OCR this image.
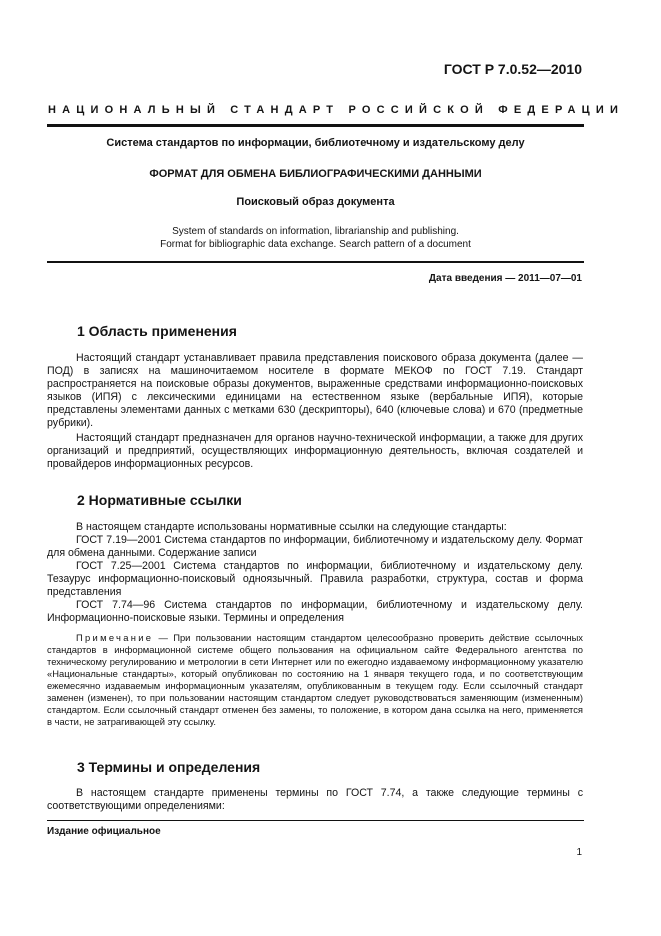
ГОСТ Р 7.0.52—2010
НАЦИОНАЛЬНЫЙ СТАНДАРТ РОССИЙСКОЙ ФЕДЕРАЦИИ
Система стандартов по информации, библиотечному и издательскому делу
ФОРМАТ ДЛЯ ОБМЕНА БИБЛИОГРАФИЧЕСКИМИ ДАННЫМИ
Поисковый образ документа
System of standards on information, librarianship and publishing.
Format for bibliographic data exchange. Search pattern of a document
Дата введения — 2011—07—01
1 Область применения

Настоящий стандарт устанавливает правила представления поискового образа документа (далее — ПОД) в записях на машиночитаемом носителе в формате МЕКОФ по ГОСТ 7.19. Стандарт распространяется на поисковые образы документов, выраженные средствами информационно-поисковых языков (ИПЯ) с лексическими единицами на естественном языке (вербальные ИПЯ), которые представлены элементами данных с метками 630 (дескрипторы), 640 (ключевые слова) и 670 (предметные рубрики).

Настоящий стандарт предназначен для органов научно-технической информации, а также для других организаций и предприятий, осуществляющих информационную деятельность, включая создателей и провайдеров информационных ресурсов.

2 Нормативные ссылки

В настоящем стандарте использованы нормативные ссылки на следующие стандарты:

ГОСТ 7.19—2001 Система стандартов по информации, библиотечному и издательскому делу. Формат для обмена данными. Содержание записи

ГОСТ 7.25—2001 Система стандартов по информации, библиотечному и издательскому делу. Тезаурус информационно-поисковый одноязычный. Правила разработки, структура, состав и форма представления

ГОСТ 7.74—96 Система стандартов по информации, библиотечному и издательскому делу. Информационно-поисковые языки. Термины и определения

Примечание — При пользовании настоящим стандартом целесообразно проверить действие ссылочных стандартов в информационной системе общего пользования на официальном сайте Федерального агентства по техническому регулированию и метрологии в сети Интернет или по ежегодно издаваемому информационному указателю «Национальные стандарты», который опубликован по состоянию на 1 января текущего года, и по соответствующим ежемесячно издаваемым информационным указателям, опубликованным в текущем году. Если ссылочный стандарт заменен (изменен), то при пользовании настоящим стандартом следует руководствоваться заменяющим (измененным) стандартом. Если ссылочный стандарт отменен без замены, то положение, в котором дана ссылка на него, применяется в части, не затрагивающей эту ссылку.

3 Термины и определения

В настоящем стандарте применены термины по ГОСТ 7.74, а также следующие термины с соответствующими определениями:

Издание официальное
1
